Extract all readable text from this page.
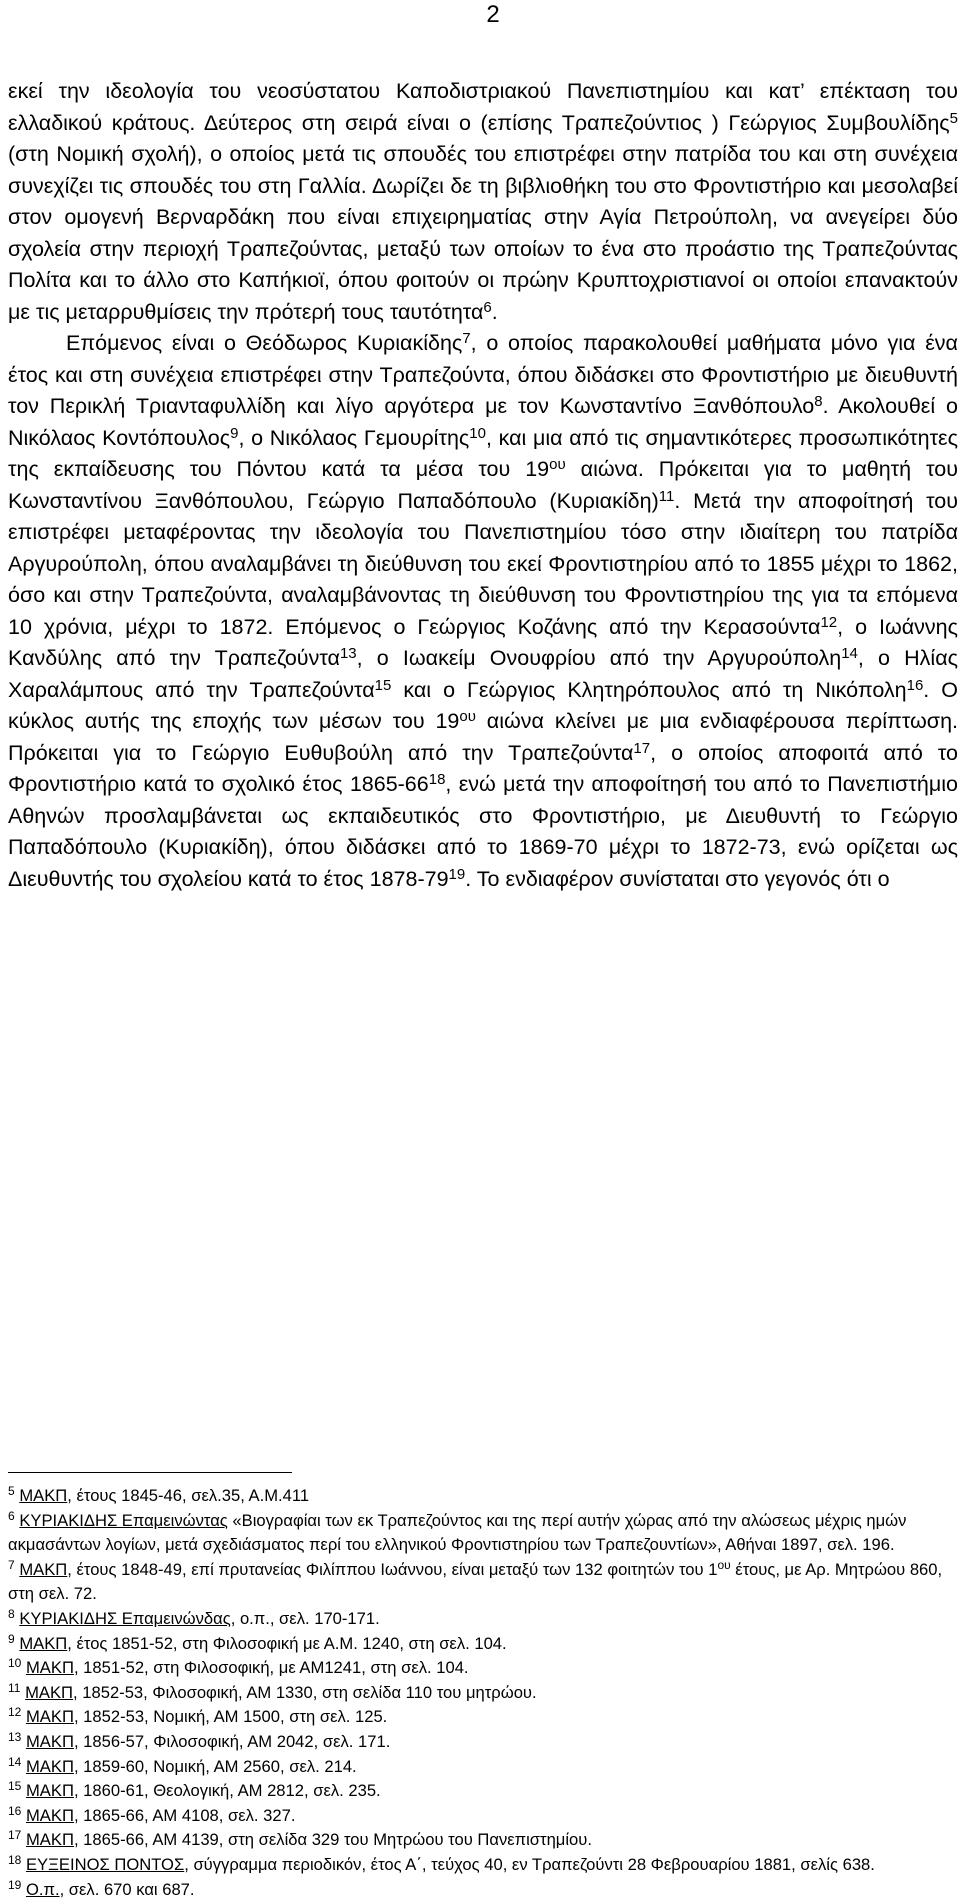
2

εκεί την ιδεολογία του νεοσύστατου Καποδιστριακού Πανεπιστημίου και κατ’ επέκταση του ελλαδικού κράτους. Δεύτερος στη σειρά είναι ο (επίσης Τραπεζούντιος ) Γεώργιος Συμβουλίδης$^5$ (στη Νομική σχολή), ο οποίος μετά τις σπουδές του επιστρέφει στην πατρίδα του και στη συνέχεια συνεχίζει τις σπουδές του στη Γαλλία. Δωρίζει δε τη βιβλιοθήκη του στο Φροντιστήριο και μεσολαβεί στον ομογενή Βερναρδάκη που είναι επιχειρηματίας στην Αγία Πετρούπολη, να ανεγείρει δύο σχολεία στην περιοχή Τραπεζούντας, μεταξύ των οποίων το ένα στο προάστιο της Τραπεζούντας Πολίτα και το άλλο στο Καπήκιοϊ, όπου φοιτούν οι πρώην Κρυπτοχριστιανοί οι οποίοι επανακτούν με τις μεταρρυθμίσεις την πρότερή τους ταυτότητα$^6$.

Επόμενος είναι ο Θεόδωρος Κυριακίδης$^7$, ο οποίος παρακολουθεί μαθήματα μόνο για ένα έτος και στη συνέχεια επιστρέφει στην Τραπεζούντα, όπου διδάσκει στο Φροντιστήριο με διευθυντή τον Περικλή Τριανταφυλλίδη και λίγο αργότερα με τον Κωνσταντίνο Ξανθόπουλο$^8$. Ακολουθεί ο Νικόλαος Κοντόπουλος$^9$, ο Νικόλαος Γεμουρίτης$^{10}$, και μια από τις σημαντικότερες προσωπικότητες της εκπαίδευσης του Πόντου κατά τα μέσα του $19^{o\upsilon}$ αιώνα. Πρόκειται για το μαθητή του Κωνσταντίνου Ξανθόπουλου, Γεώργιο Παπαδόπουλο $(K\upsilon\rho\iota\alpha\kappa ί\delta\eta)^{11}$. Μετά την αποφοίτησή του επιστρέφει μεταφέροντας την ιδεολογία του Πανεπιστημίου τόσο στην ιδιαίτερη του πατρίδα Αργυρούπολη, όπου αναλαμβάνει τη διεύθυνση του εκεί Φροντιστηρίου από το 1855 μέχρι το 1862, όσο και στην Τραπεζούντα, αναλαμβάνοντας τη διεύθυνση του Φροντιστηρίου της για τα επόμενα 10 χρόνια, μέχρι το 1872. Επόμενος ο Γεώργιος Κοζάνης από την Κερασούντα$^{12}$, ο Ιωάννης Κανδύλης από την Τραπεζούντα$^{13}$, ο Ιωακείμ Ονουφρίου από την Αργυρούπολη$^{14}$, ο Ηλίας Χαραλάμπους από την Τραπεζούντα$^{15}$ και ο Γεώργιος Κλητηρόπουλος από τη Νικόπολη$^{16}$. Ο κύκλος αυτής της εποχής των μέσων του $19^{o\upsilon}$ αιώνα κλείνει με μια ενδιαφέρουσα περίπτωση. Πρόκειται για το Γεώργιο Ευθυβούλη από την Τραπεζούντα$^{17}$, ο οποίος αποφοιτά από το Φροντιστήριο κατά το σχολικό έτος $1865-66^{18}$, ενώ μετά την αποφοίτησή του από το Πανεπιστήμιο Αθηνών προσλαμβάνεται ως εκπαιδευτικός στο Φροντιστήριο, με Διευθυντή το Γεώργιο Παπαδόπουλο (Κυριακίδη), όπου διδάσκει από το 1869-70 μέχρι το 1872-73, ενώ ορίζεται ως Διευθυντής του σχολείου κατά το έτος $1878-79^{19}$. Το ενδιαφέρον συνίσταται στο γεγονός ότι ο

$^5$ ΜΑΚΠ, έτους 1845-46, σελ.35, Α.Μ.411

$^6$ ΚΥΡΙΑΚΙΔΗΣ Επαμεινώντας «Βιογραφίαι των εκ Τραπεζούντος και της περί αυτήν χώρας από την αλώσεως μέχρις ημών ακμασάντων λογίων, μετά σχεδιάσματος περί του ελληνικού Φροντιστηρίου των Τραπεζουντίων», Αθήναι 1897, σελ. 196.

$^7$ ΜΑΚΠ, έτους 1848-49, επί πρυτανείας Φιλίππου Ιωάννου, είναι μεταξύ των 132 φοιτητών του $1^{o\upsilon}$ έτους, με Αρ. Μητρώου 860, στη σελ. 72.

$^8$ ΚΥΡΙΑΚΙΔΗΣ Επαμεινώνδας, ο.π., σελ. 170-171.

$^9$ ΜΑΚΠ, έτος 1851-52, στη Φιλοσοφική με Α.Μ. 1240, στη σελ. 104.

$^{10}$ ΜΑΚΠ, 1851-52, στη Φιλοσοφική, με ΑΜ1241, στη σελ. 104.

$^{11}$ ΜΑΚΠ, 1852-53, Φιλοσοφική, ΑΜ 1330, στη σελίδα 110 του μητρώου.

$^{12}$ ΜΑΚΠ, 1852-53, Νομική, ΑΜ 1500, στη σελ. 125.

$^{13}$ ΜΑΚΠ, 1856-57, Φιλοσοφική, ΑΜ 2042, σελ. 171.

$^{14}$ ΜΑΚΠ, 1859-60, Νομική, ΑΜ 2560, σελ. 214.

$^{15}$ ΜΑΚΠ, 1860-61, Θεολογική, ΑΜ 2812, σελ. 235.

$^{16}$ ΜΑΚΠ, 1865-66, ΑΜ 4108, σελ. 327.

$^{17}$ ΜΑΚΠ, 1865-66, ΑΜ 4139, στη σελίδα 329 του Μητρώου του Πανεπιστημίου.

$^{18}$ ΕΥΞΕΙΝΟΣ ΠΟΝΤΟΣ, σύγγραμμα περιοδικόν, έτος Α΄, τεύχος 40, εν Τραπεζούντι 28 Φεβρουαρίου 1881, σελίς 638.

$^{19}$ Ο.π., σελ. 670 και 687.
